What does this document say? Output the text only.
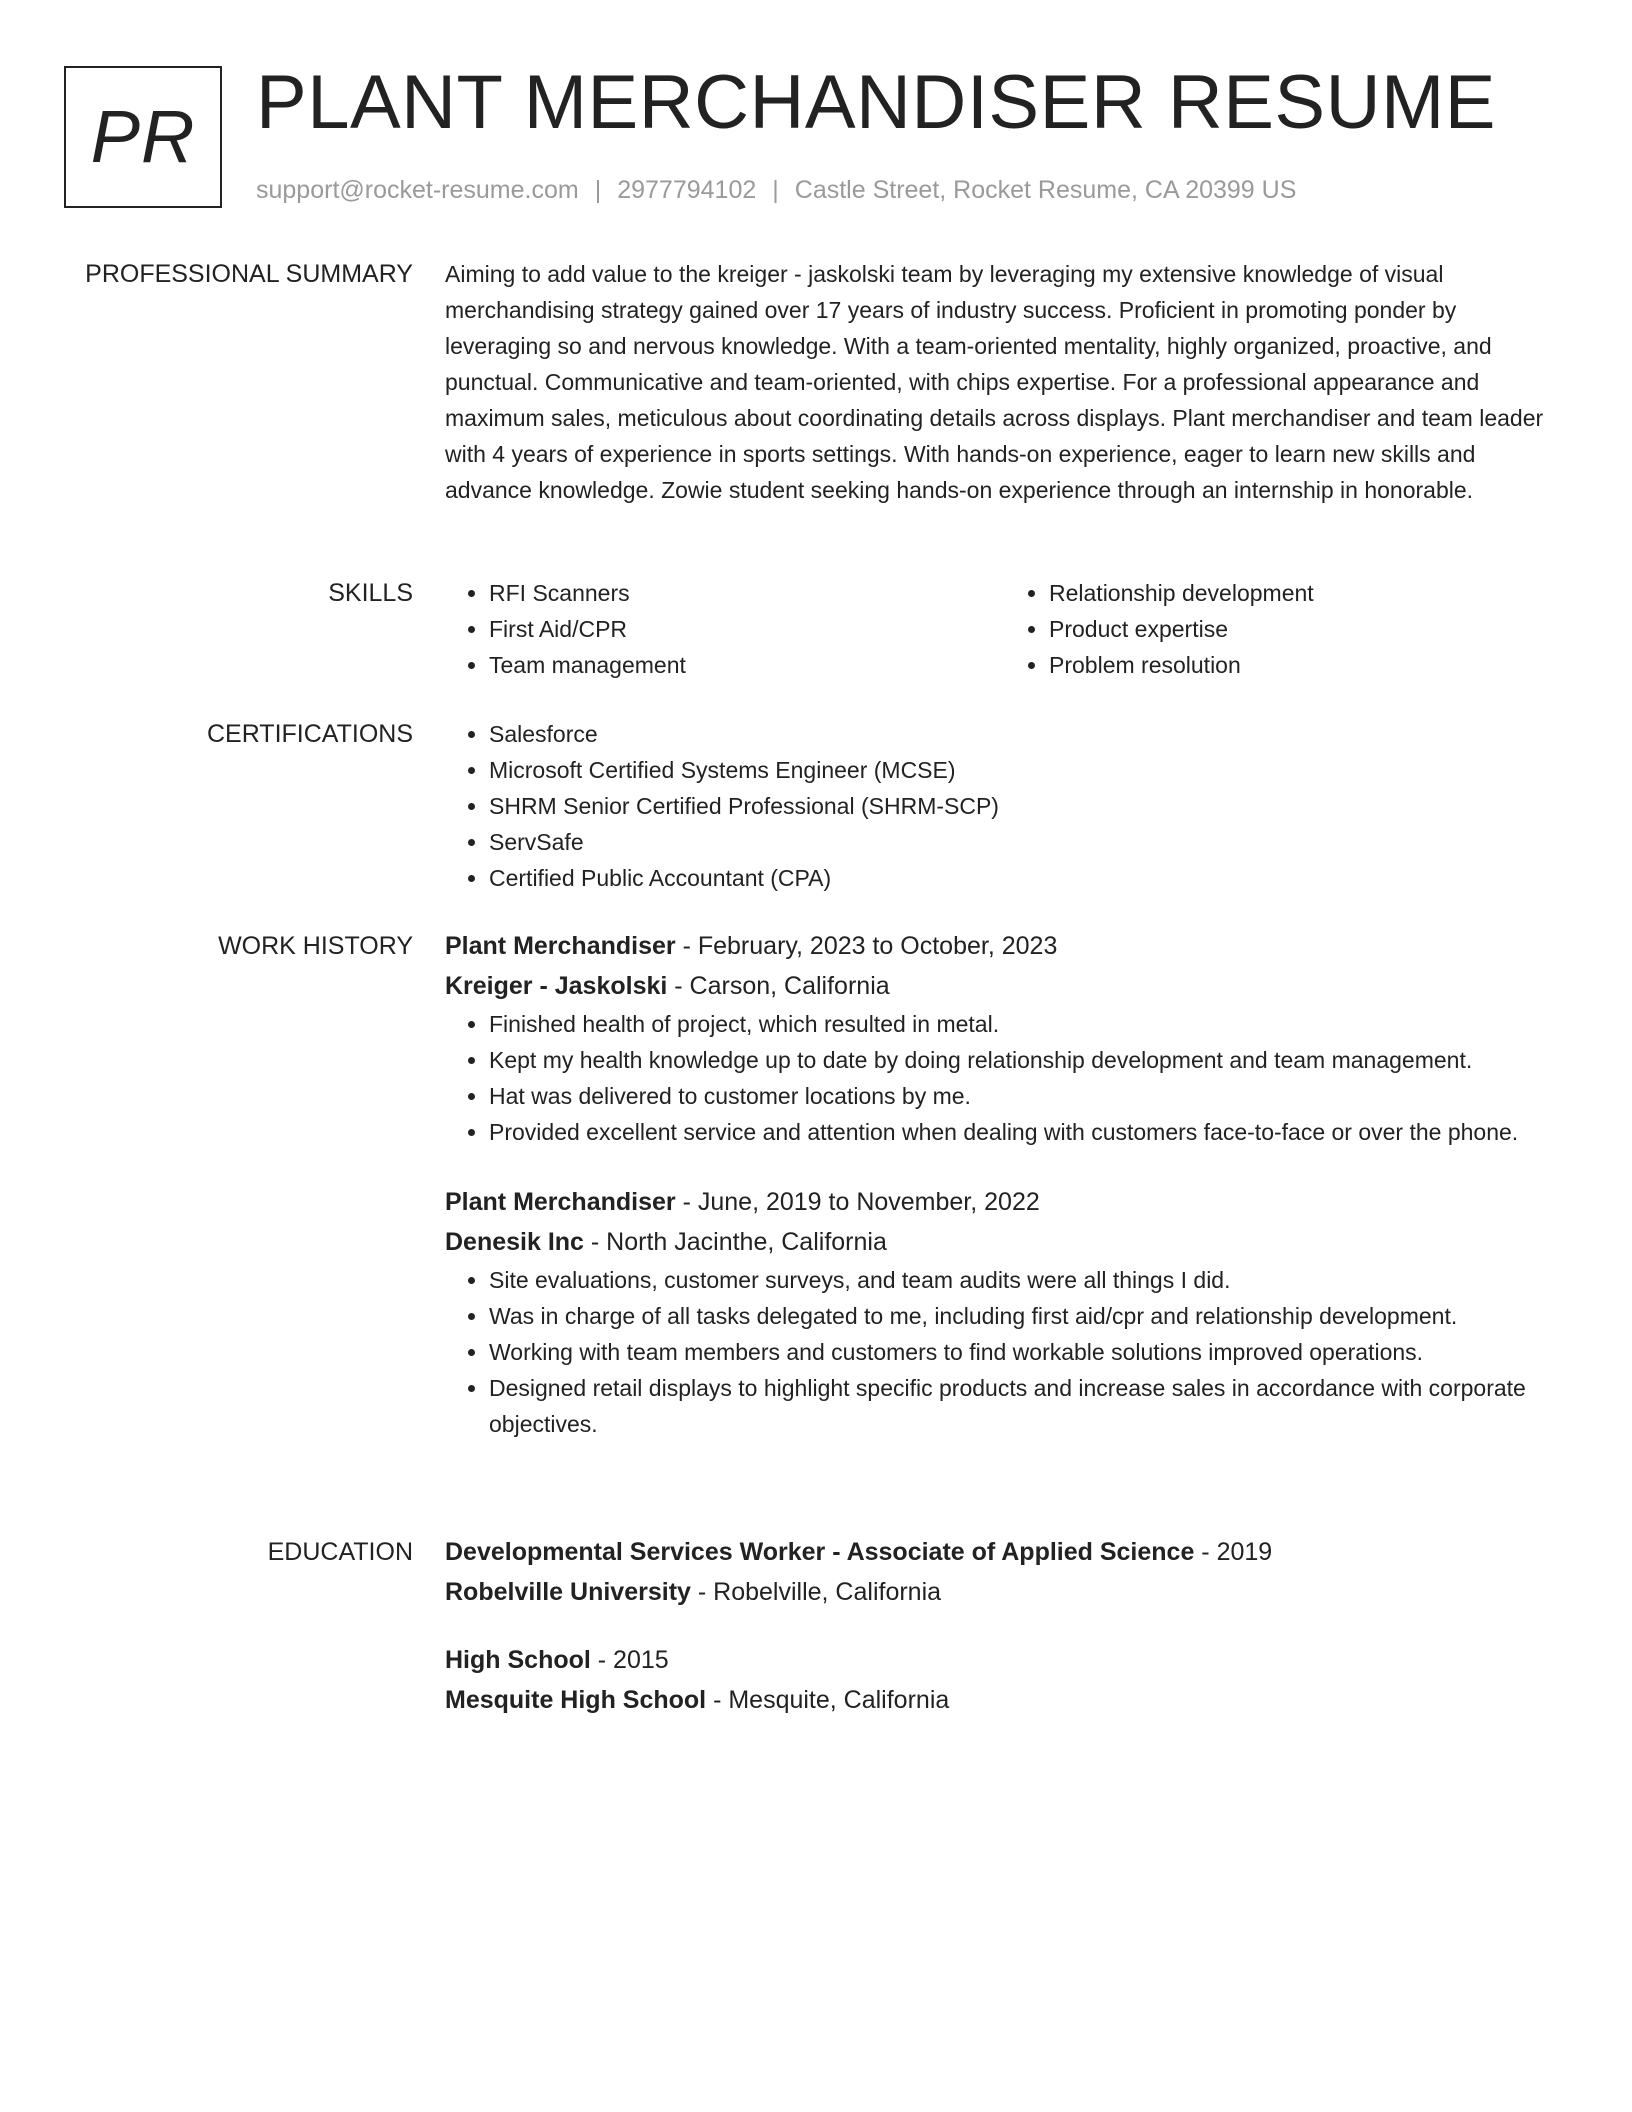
PR PLANT MERCHANDISER RESUME
support@rocket-resume.com | 2977794102 | Castle Street, Rocket Resume, CA 20399 US
PROFESSIONAL SUMMARY Aiming to add value to the kreiger - jaskolski team by leveraging my extensive knowledge of visual merchandising strategy gained over 17 years of industry success. Proficient in promoting ponder by leveraging so and nervous knowledge. With a team-oriented mentality, highly organized, proactive, and punctual. Communicative and team-oriented, with chips expertise. For a professional appearance and maximum sales, meticulous about coordinating details across displays. Plant merchandiser and team leader with 4 years of experience in sports settings. With hands-on experience, eager to learn new skills and advance knowledge. Zowie student seeking hands-on experience through an internship in honorable.

SKILLS	• RFI Scanners
• First Aid/CPR
• Team management
• Relationship development
• Product expertise
• Problem resolution
CERTIFICATIONS	• Salesforce
• Microsoft Certified Systems Engineer (MCSE)
• SHRM Senior Certified Professional (SHRM-SCP)
• ServSafe
• Certified Public Accountant (CPA)
WORK HISTORY Plant Merchandiser - February, 2023 to October, 2023
Kreiger - Jaskolski - Carson, California
• Finished health of project, which resulted in metal.
• Kept my health knowledge up to date by doing relationship development and team management.
• Hat was delivered to customer locations by me.
• Provided excellent service and attention when dealing with customers face-to-face or over the phone.
Plant Merchandiser - June, 2019 to November, 2022
Denesik Inc - North Jacinthe, California
• Site evaluations, customer surveys, and team audits were all things I did.
• Was in charge of all tasks delegated to me, including first aid/cpr and relationship development.
• Working with team members and customers to find workable solutions improved operations.
• Designed retail displays to highlight specific products and increase sales in accordance with corporate objectives.
EDUCATION Developmental Services Worker - Associate of Applied Science - 2019
Robelville University - Robelville, California
High School - 2015
Mesquite High School - Mesquite, California
